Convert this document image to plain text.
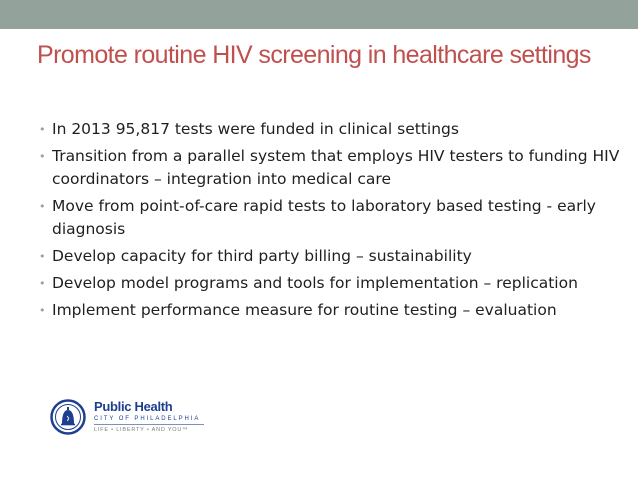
Promote routine HIV screening in healthcare settings
• In 2013 95,817 tests were funded in clinical settings
• Transition from a parallel system that employs HIV testers to funding HIV coordinators – integration into medical care
• Move from point-of-care rapid tests to laboratory based testing - early diagnosis
• Develop capacity for third party billing – sustainability
• Develop model programs and tools for implementation – replication
• Implement performance measure for routine testing – evaluation
Public Health
CITY OF PHILADELPHIA
LIFE • LIBERTY • AND YOU™
